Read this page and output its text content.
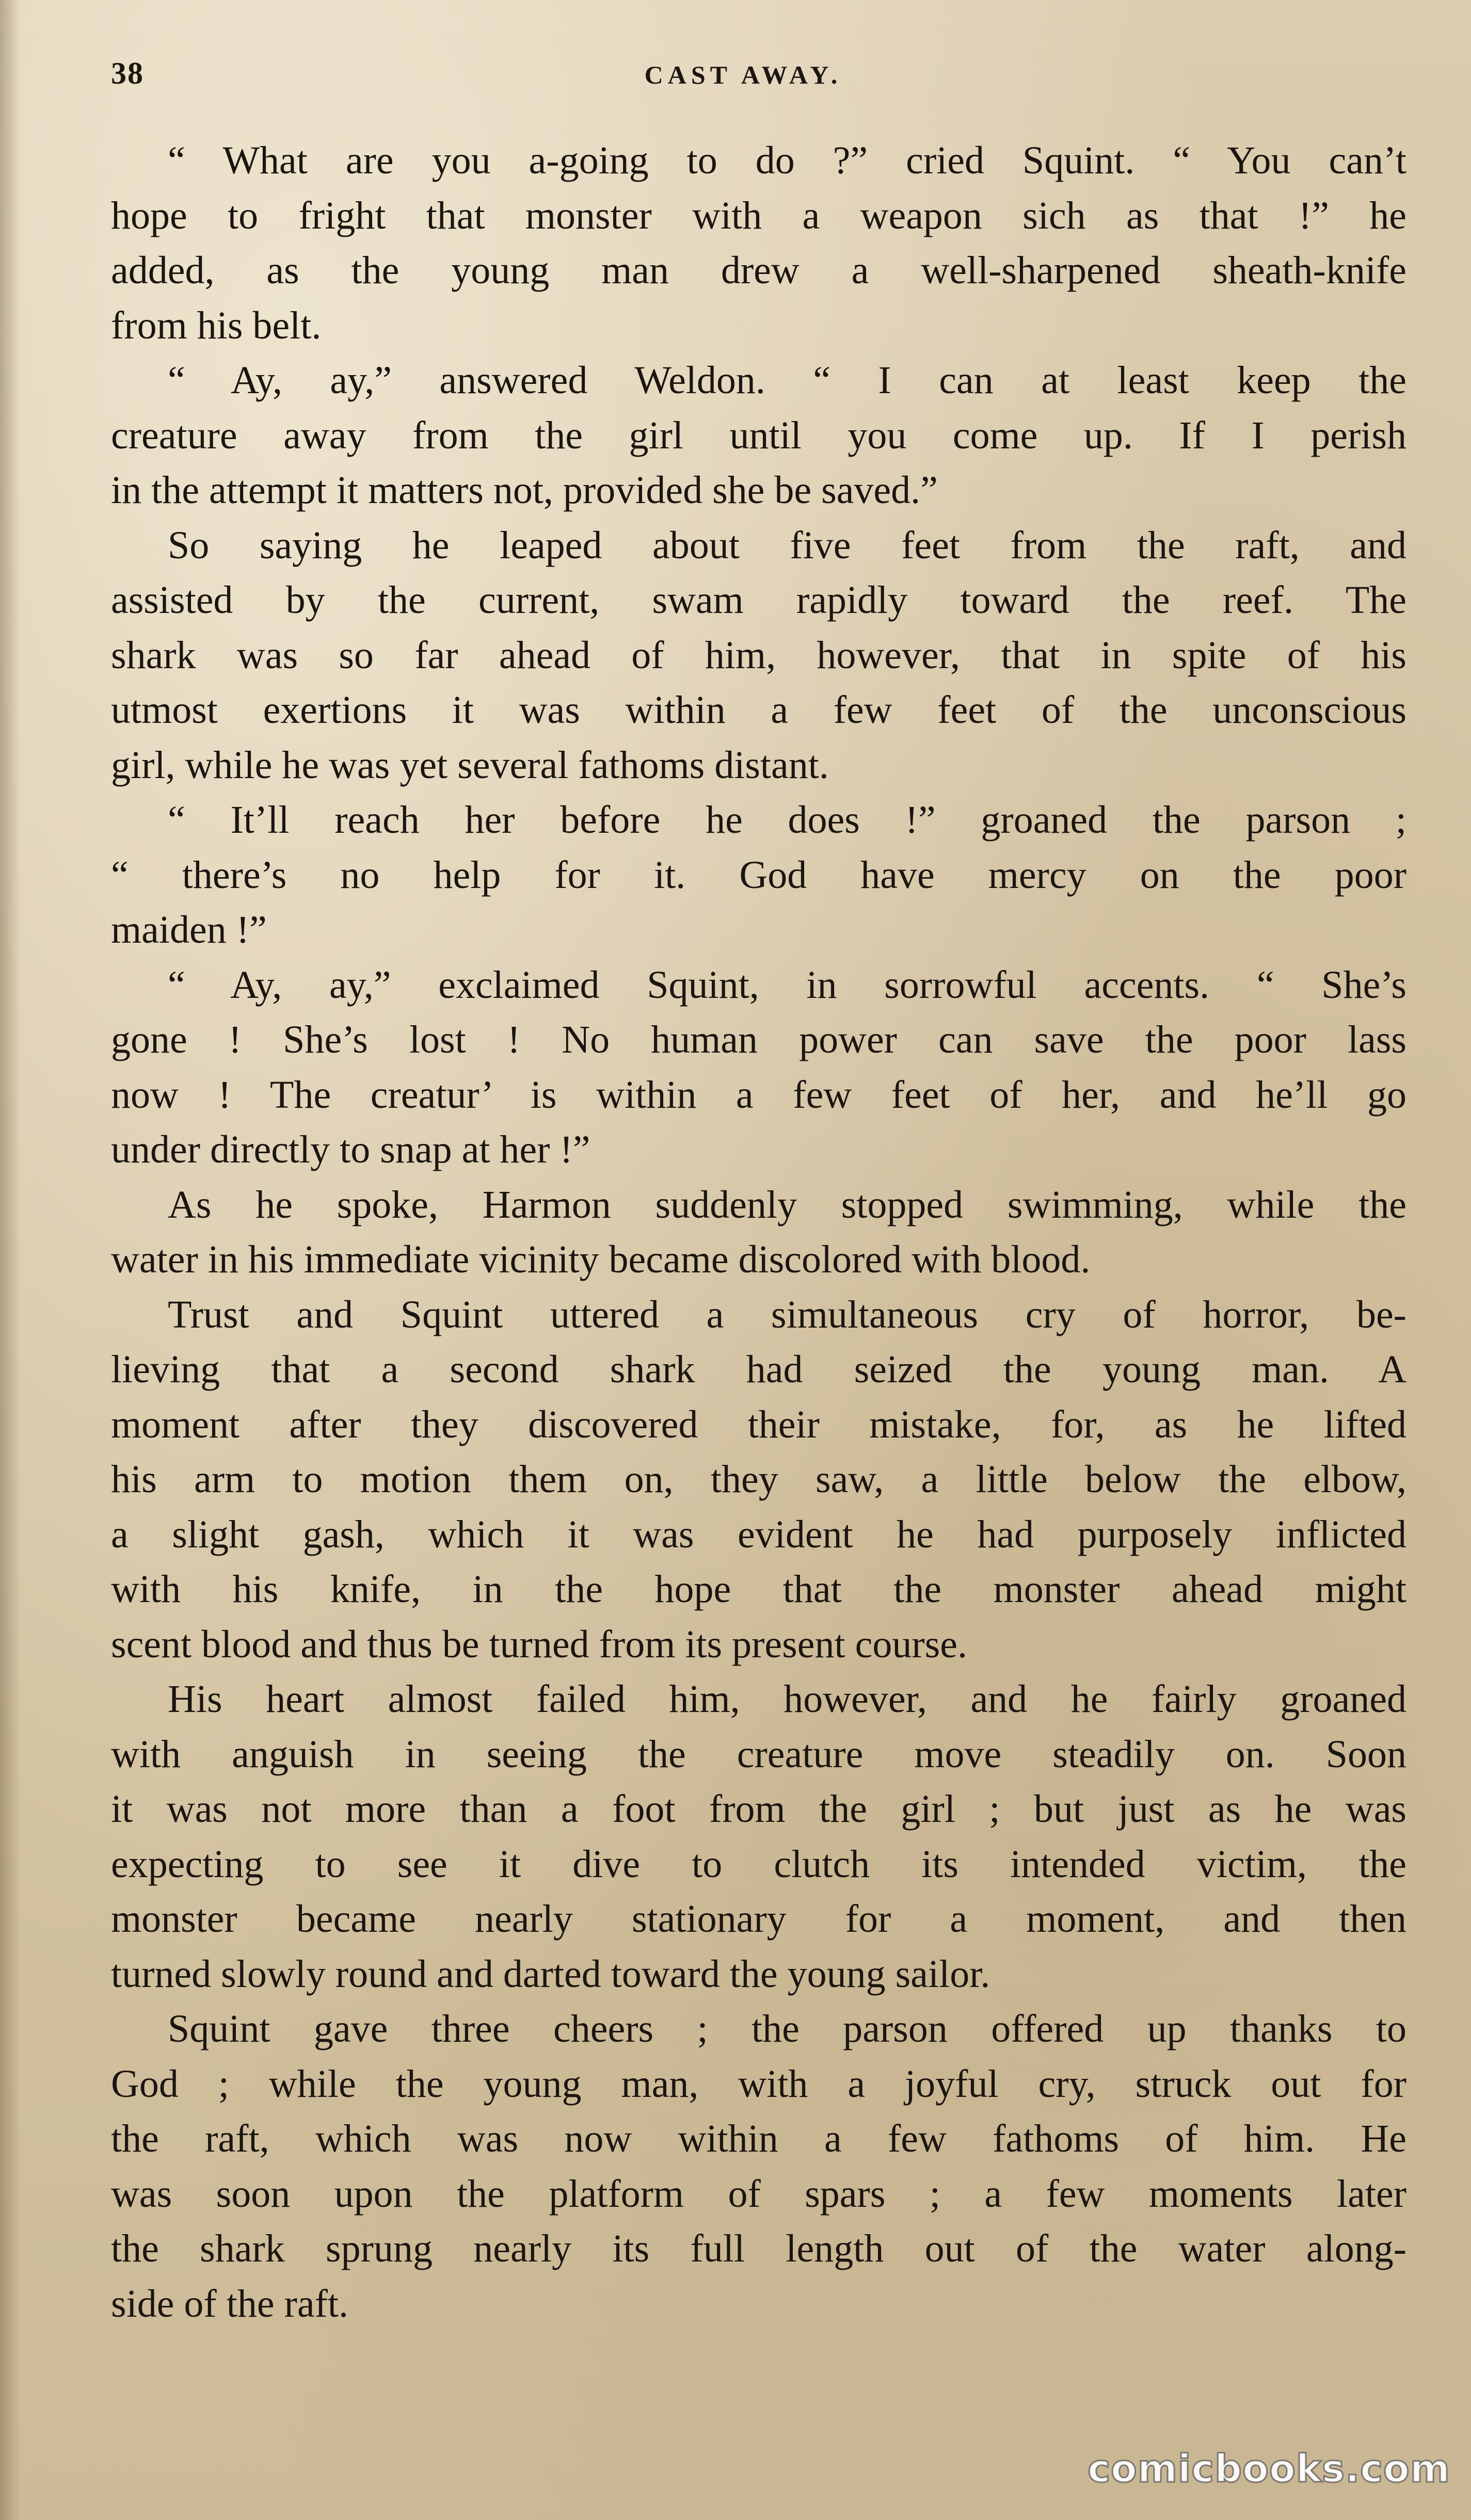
38	CAST AWAY.
“ What are you a-going to do ?” cried Squint. “ You can’t
hope to fright that monster with a weapon sich as that !” he
added, as the young man drew a well-sharpened sheath-knife
from his belt.
“ Ay, ay,” answered Weldon. “ I can at least keep the
creature away from the girl until you come up. If I perish
in the attempt it matters not, provided she be saved.”
So saying he leaped about five feet from the raft, and
assisted by the current, swam rapidly toward the reef. The
shark was so far ahead of him, however, that in spite of his
utmost exertions it was within a few feet of the unconscious
girl, while he was yet several fathoms distant.
“ It’ll reach her before he does !” groaned the parson ;
“ there’s no help for it. God have mercy on the poor
maiden !”
“ Ay, ay,” exclaimed Squint, in sorrowful accents. “ She’s
gone ! She’s lost ! No human power can save the poor lass
now ! The creatur’ is within a few feet of her, and he’ll go
under directly to snap at her !”
As he spoke, Harmon suddenly stopped swimming, while the
water in his immediate vicinity became discolored with blood.
Trust and Squint uttered a simultaneous cry of horror, be-
lieving that a second shark had seized the young man. A
moment after they discovered their mistake, for, as he lifted
his arm to motion them on, they saw, a little below the elbow,
a slight gash, which it was evident he had purposely inflicted
with his knife, in the hope that the monster ahead might
scent blood and thus be turned from its present course.
His heart almost failed him, however, and he fairly groaned
with anguish in seeing the creature move steadily on. Soon
it was not more than a foot from the girl ; but just as he was
expecting to see it dive to clutch its intended victim, the
monster became nearly stationary for a moment, and then
turned slowly round and darted toward the young sailor.
Squint gave three cheers ; the parson offered up thanks to
God ; while the young man, with a joyful cry, struck out for
the raft, which was now within a few fathoms of him. He
was soon upon the platform of spars ; a few moments later
the shark sprung nearly its full length out of the water along-
side of the raft.
comicbooks.com
